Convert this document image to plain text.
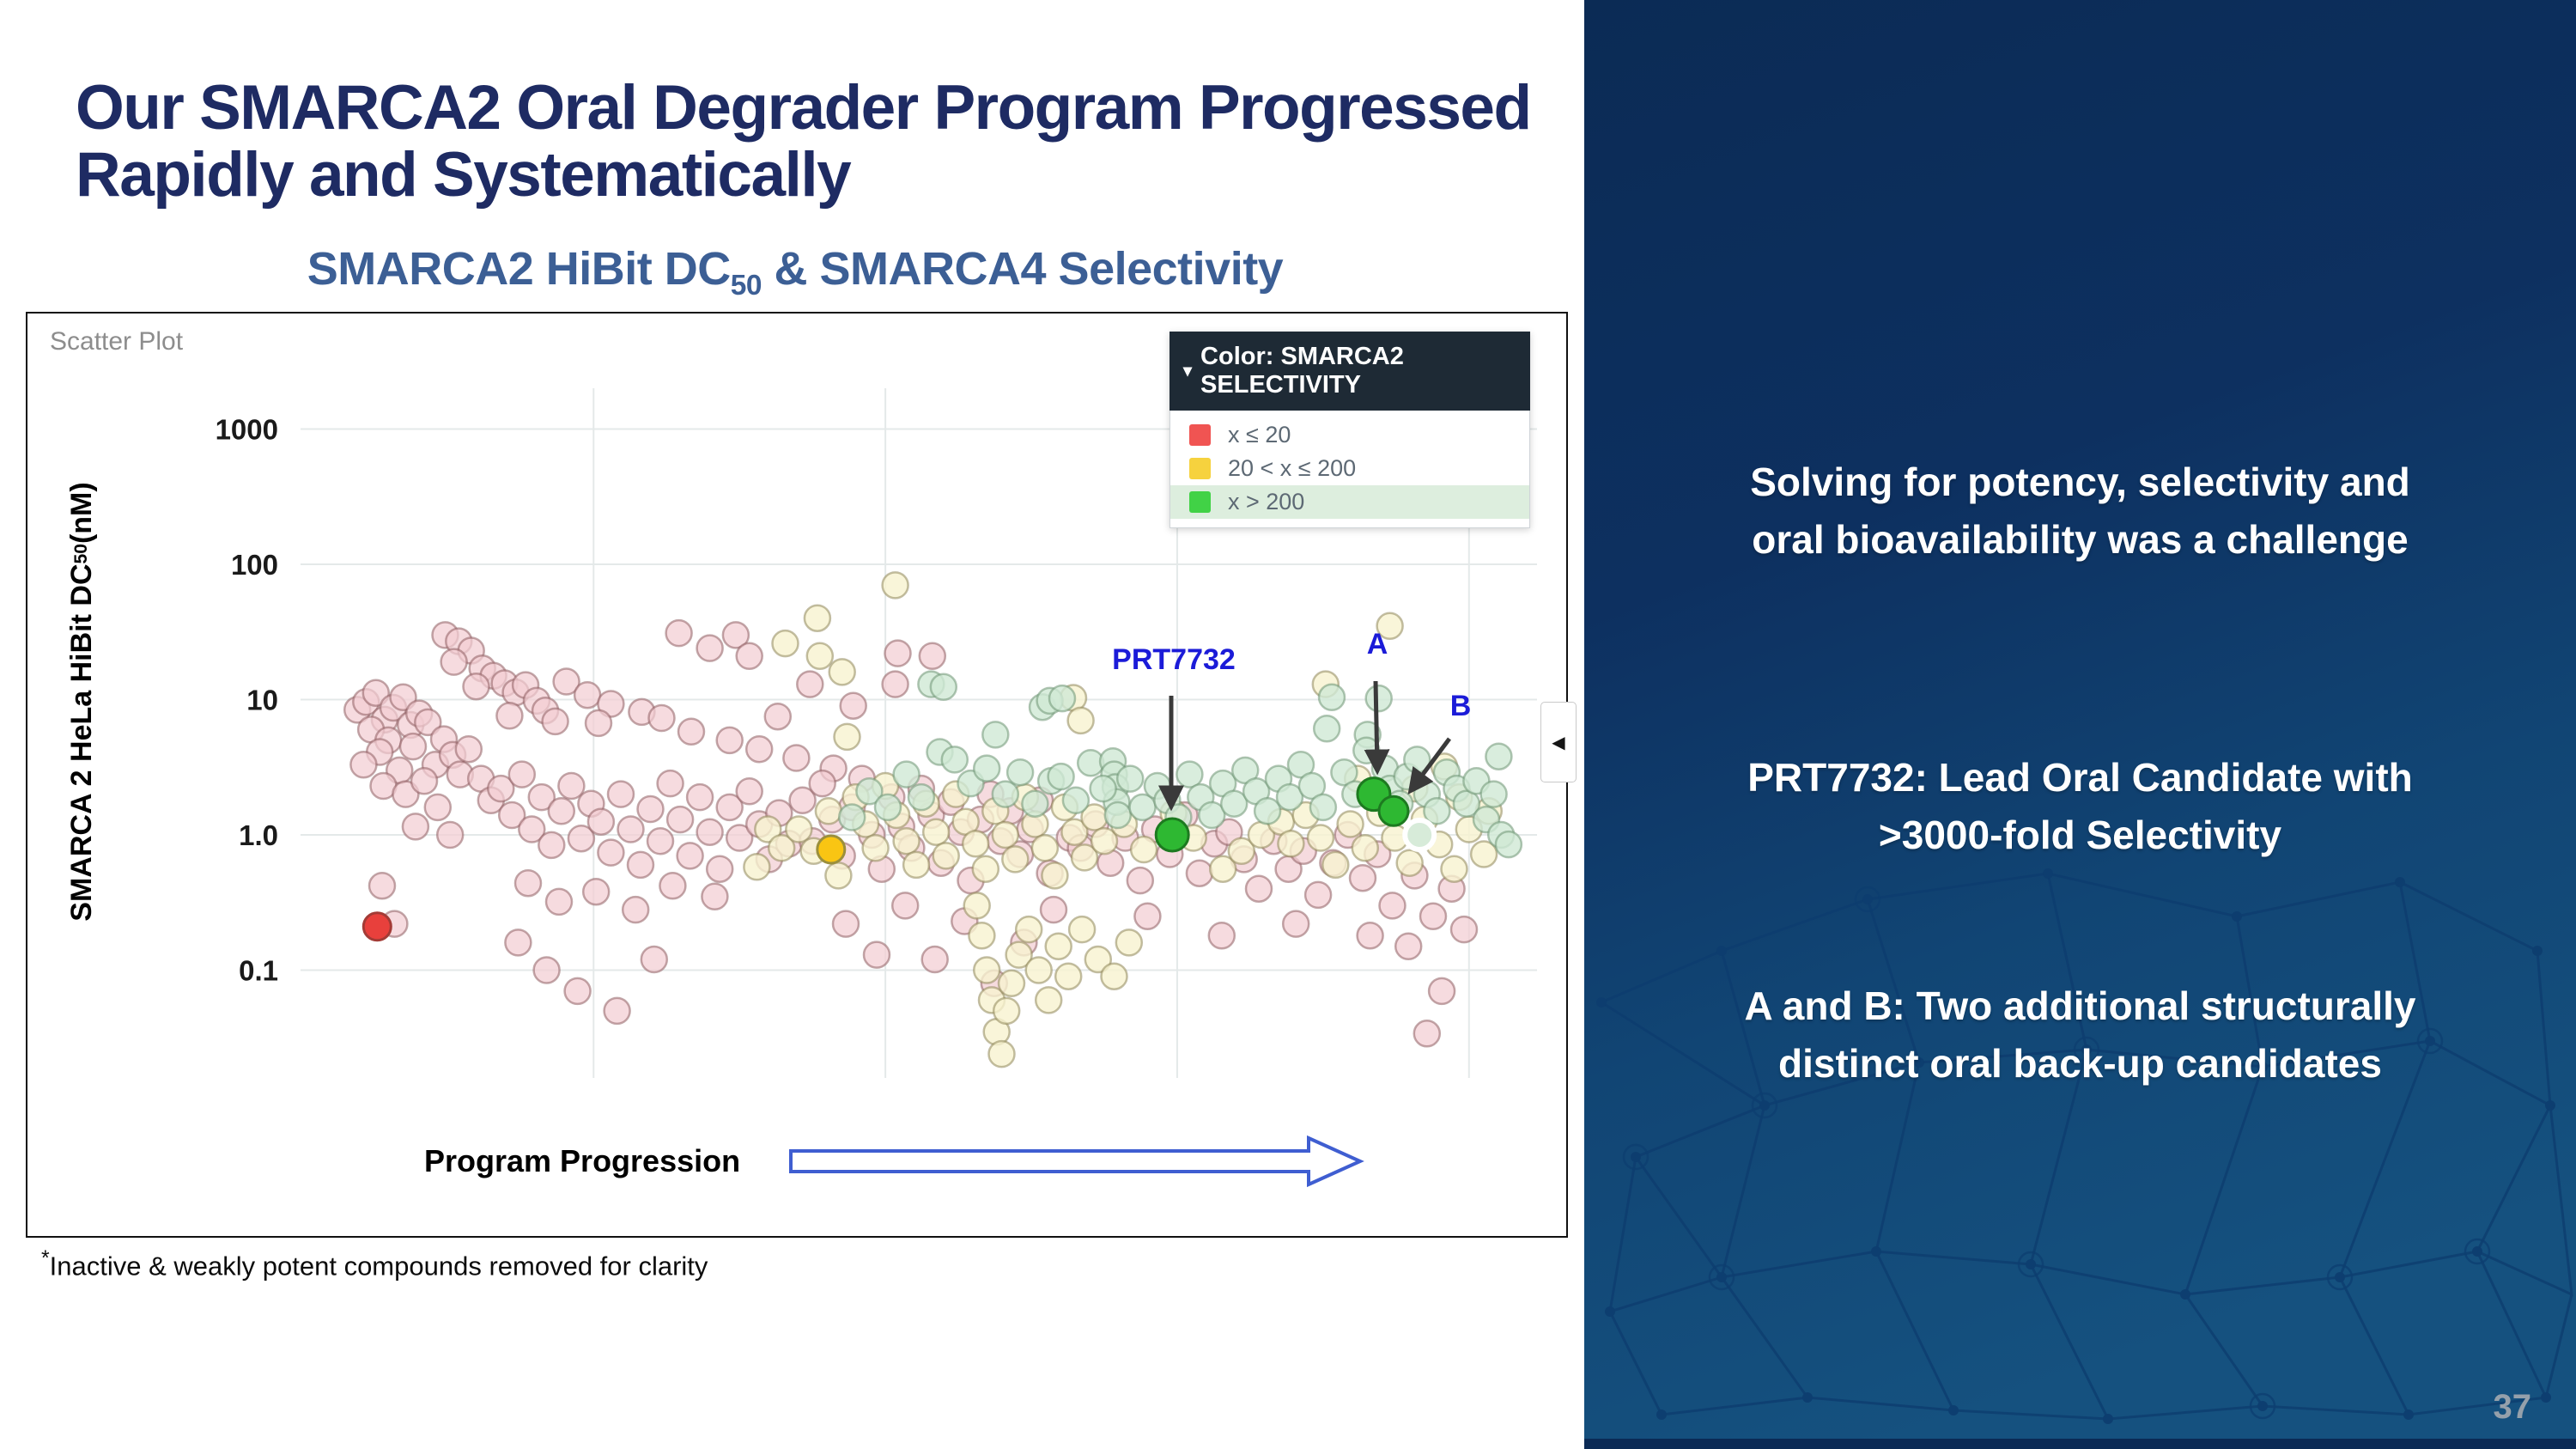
Our SMARCA2 Oral Degrader Program Progressed
Rapidly and Systematically
SMARCA2 HiBit $DC_{50}$ & SMARCA4 Selectivity
Scatter Plot
1000
100
10
1.0
0.1
SMARCA 2 HeLa HiBit DC
50
(nM)
▾
Color: SMARCA2 SELECTIVITY
x ≤ 20
20 < x ≤ 200
x > 200
PRT7732	A
B
◀
Program Progression
*Inactive & weakly potent compounds removed for clarity
Solving for potency, selectivity and
oral bioavailability was a challenge
PRT7732: Lead Oral Candidate with
>3000-fold Selectivity
A and B: Two additional structurally
distinct oral back-up candidates
37
